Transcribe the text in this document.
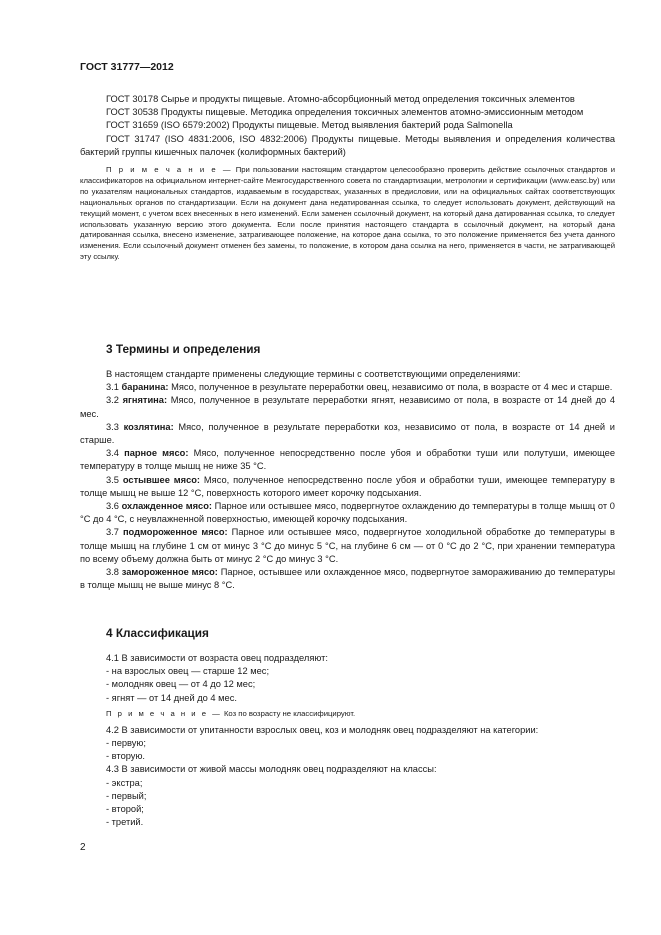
ГОСТ 31777—2012

ГОСТ 30178 Сырье и продукты пищевые. Атомно-абсорбционный метод определения токсичных элементов

ГОСТ 30538 Продукты пищевые. Методика определения токсичных элементов атомно-эмиссионным методом

ГОСТ 31659 (ISO 6579:2002) Продукты пищевые. Метод выявления бактерий рода Salmonella

ГОСТ 31747 (ISO 4831:2006, ISO 4832:2006) Продукты пищевые. Методы выявления и определения количества бактерий группы кишечных палочек (колиформных бактерий)

П р и м е ч а н и е — При пользовании настоящим стандартом целесообразно проверить действие ссылочных стандартов и классификаторов на официальном интернет-сайте Межгосударственного совета по стандартизации, метрологии и сертификации (www.easc.by) или по указателям национальных стандартов, издаваемым в государствах, указанных в предисловии, или на официальных сайтах соответствующих национальных органов по стандартизации. Если на документ дана недатированная ссылка, то следует использовать документ, действующий на текущий момент, с учетом всех внесенных в него изменений. Если заменен ссылочный документ, на который дана датированная ссылка, то следует использовать указанную версию этого документа. Если после принятия настоящего стандарта в ссылочный документ, на который дана датированная ссылка, внесено изменение, затрагивающее положение, на которое дана ссылка, то это положение применяется без учета данного изменения. Если ссылочный документ отменен без замены, то положение, в котором дана ссылка на него, применяется в части, не затрагивающей эту ссылку.

3 Термины и определения

В настоящем стандарте применены следующие термины с соответствующими определениями:

3.1 баранина: Мясо, полученное в результате переработки овец, независимо от пола, в возрасте от 4 мес и старше.

3.2 ягнятина: Мясо, полученное в результате переработки ягнят, независимо от пола, в возрасте от 14 дней до 4 мес.

3.3 козлятина: Мясо, полученное в результате переработки коз, независимо от пола, в возрасте от 14 дней и старше.

3.4 парное мясо: Мясо, полученное непосредственно после убоя и обработки туши или полутуши, имеющее температуру в толще мышц не ниже 35 °С.

3.5 остывшее мясо: Мясо, полученное непосредственно после убоя и обработки туши, имеющее температуру в толще мышц не выше 12 °С, поверхность которого имеет корочку подсыхания.

3.6 охлажденное мясо: Парное или остывшее мясо, подвергнутое охлаждению до температуры в толще мышц от 0 °С до 4 °С, с неувлажненной поверхностью, имеющей корочку подсыхания.

3.7 подмороженное мясо: Парное или остывшее мясо, подвергнутое холодильной обработке до температуры в толще мышц на глубине 1 см от минус 3 °С до минус 5 °С, на глубине 6 см — от 0 °С до 2 °С, при хранении температура по всему объему должна быть от минус 2 °С до минус 3 °С.

3.8 замороженное мясо: Парное, остывшее или охлажденное мясо, подвергнутое замораживанию до температуры в толще мышц не выше минус 8 °С.

4 Классификация

4.1 В зависимости от возраста овец подразделяют:

- на взрослых овец — старше 12 мес;

- молодняк овец — от 4 до 12 мес;

- ягнят — от 14 дней до 4 мес.

П р и м е ч а н и е — Коз по возрасту не классифицируют.

4.2 В зависимости от упитанности взрослых овец, коз и молодняк овец подразделяют на категории:

- первую;

- вторую.

4.3 В зависимости от живой массы молодняк овец подразделяют на классы:

- экстра;

- первый;

- второй;

- третий.

2
